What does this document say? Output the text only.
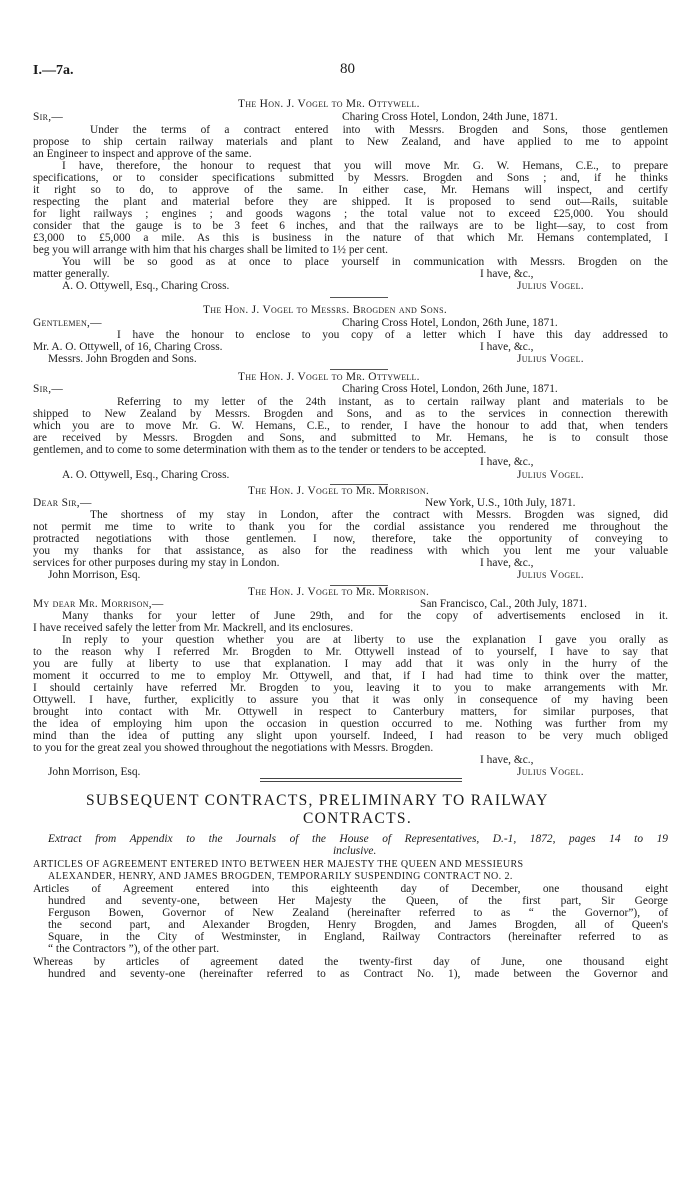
I.—7a.	80
The Hon. J. Vogel to Mr. Ottywell.
Sir,—	Charing Cross Hotel, London, 24th June, 1871.
Under the terms of a contract entered into with Messrs. Brogden and Sons, those gentlemen
propose to ship certain railway materials and plant to New Zealand, and have applied to me to appoint
an Engineer to inspect and approve of the same.
I have, therefore, the honour to request that you will move Mr. G. W. Hemans, C.E., to prepare
specifications, or to consider specifications submitted by Messrs. Brogden and Sons ; and, if he thinks
it right so to do, to approve of the same. In either case, Mr. Hemans will inspect, and certify
respecting the plant and material before they are shipped. It is proposed to send out—Rails, suitable
for light railways ; engines ; and goods wagons ; the total value not to exceed £25,000. You should
consider that the gauge is to be 3 feet 6 inches, and that the railways are to be light—say, to cost from
£3,000 to £5,000 a mile. As this is business in the nature of that which Mr. Hemans contemplated, I
beg you will arrange with him that his charges shall be limited to 1½ per cent.
You will be so good as at once to place yourself in communication with Messrs. Brogden on the
matter generally.	I have, &c.,
A. O. Ottywell, Esq., Charing Cross.	Julius Vogel.
The Hon. J. Vogel to Messrs. Brogden and Sons.
Gentlemen,—	Charing Cross Hotel, London, 26th June, 1871.
I have the honour to enclose to you copy of a letter which I have this day addressed to
Mr. A. O. Ottywell, of 16, Charing Cross.	I have, &c.,
Messrs. John Brogden and Sons.	Julius Vogel.
The Hon. J. Vogel to Mr. Ottywell.
Sir,—	Charing Cross Hotel, London, 26th June, 1871.
Referring to my letter of the 24th instant, as to certain railway plant and materials to be
shipped to New Zealand by Messrs. Brogden and Sons, and as to the services in connection therewith
which you are to move Mr. G. W. Hemans, C.E., to render, I have the honour to add that, when tenders
are received by Messrs. Brogden and Sons, and submitted to Mr. Hemans, he is to consult those
gentlemen, and to come to some determination with them as to the tender or tenders to be accepted.
I have, &c.,
A. O. Ottywell, Esq., Charing Cross.	Julius Vogel.
The Hon. J. Vogel to Mr. Morrison.
Dear Sir,—	New York, U.S., 10th July, 1871.
The shortness of my stay in London, after the contract with Messrs. Brogden was signed, did
not permit me time to write to thank you for the cordial assistance you rendered me throughout the
protracted negotiations with those gentlemen. I now, therefore, take the opportunity of conveying to
you my thanks for that assistance, as also for the readiness with which you lent me your valuable
services for other purposes during my stay in London.	I have, &c.,
John Morrison, Esq.	Julius Vogel.
The Hon. J. Vogel to Mr. Morrison.
My dear Mr. Morrison,—	San Francisco, Cal., 20th July, 1871.
Many thanks for your letter of June 29th, and for the copy of advertisements enclosed in it.
I have received safely the letter from Mr. Mackrell, and its enclosures.
In reply to your question whether you are at liberty to use the explanation I gave you orally as
to the reason why I referred Mr. Brogden to Mr. Ottywell instead of to yourself, I have to say that
you are fully at liberty to use that explanation. I may add that it was only in the hurry of the
moment it occurred to me to employ Mr. Ottywell, and that, if I had had time to think over the matter,
I should certainly have referred Mr. Brogden to you, leaving it to you to make arrangements with Mr.
Ottywell. I have, further, explicitly to assure you that it was only in consequence of my having been
brought into contact with Mr. Ottywell in respect to Canterbury matters, for similar purposes, that
the idea of employing him upon the occasion in question occurred to me. Nothing was further from my
mind than the idea of putting any slight upon yourself. Indeed, I had reason to be very much obliged
to you for the great zeal you showed throughout the negotiations with Messrs. Brogden.
I have, &c.,
John Morrison, Esq.	Julius Vogel.
SUBSEQUENT CONTRACTS, PRELIMINARY TO RAILWAY
CONTRACTS.
Extract from Appendix to the Journals of the House of Representatives, D.-1, 1872, pages 14 to 19
inclusive.
ARTICLES OF AGREEMENT ENTERED INTO BETWEEN HER MAJESTY THE QUEEN AND MESSIEURS
ALEXANDER, HENRY, AND JAMES BROGDEN, TEMPORARILY SUSPENDING CONTRACT NO. 2.
Articles of Agreement entered into this eighteenth day of December, one thousand eight
hundred and seventy-one, between Her Majesty the Queen, of the first part, Sir George
Ferguson Bowen, Governor of New Zealand (hereinafter referred to as “ the Governor”), of
the second part, and Alexander Brogden, Henry Brogden, and James Brogden, all of Queen's
Square, in the City of Westminster, in England, Railway Contractors (hereinafter referred to as
“ the Contractors ”), of the other part.
Whereas by articles of agreement dated the twenty-first day of June, one thousand eight
hundred and seventy-one (hereinafter referred to as Contract No. 1), made between the Governor and
